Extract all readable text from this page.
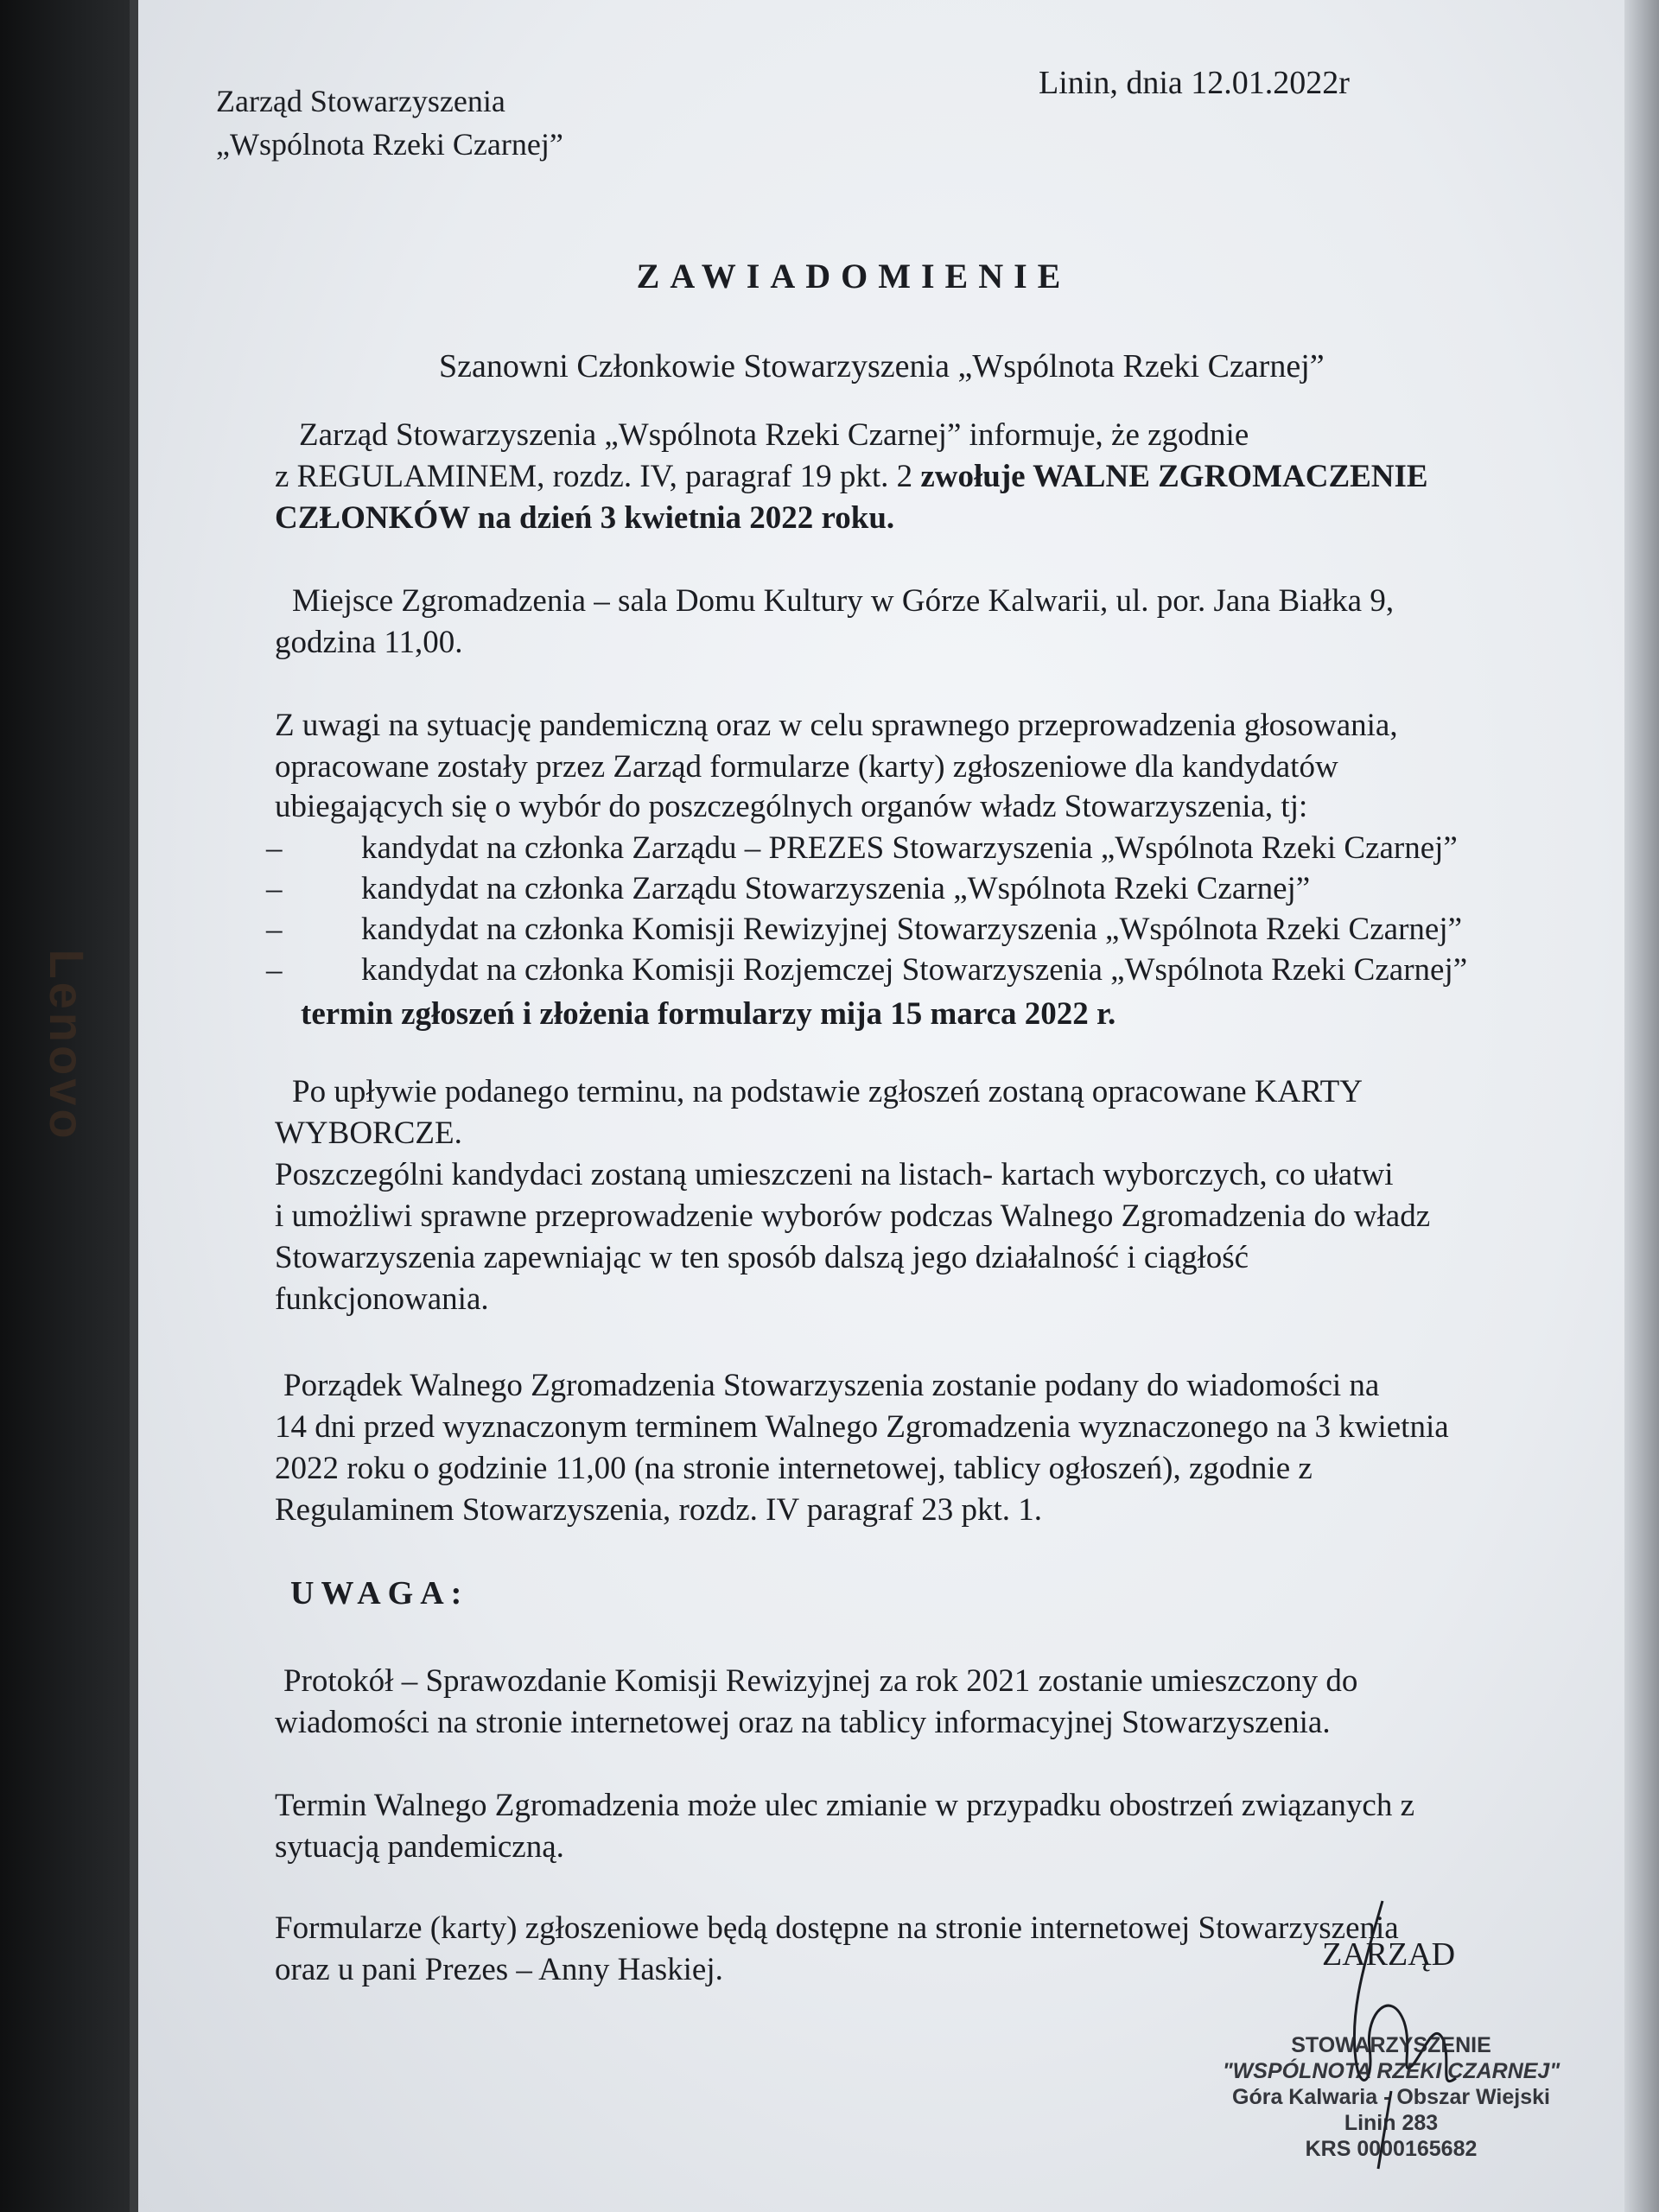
Lenovo
Zarząd Stowarzyszenia
„Wspólnota Rzeki Czarnej”
Linin, dnia 12.01.2022r
ZAWIADOMIENIE
Szanowni Członkowie Stowarzyszenia „Wspólnota Rzeki Czarnej”

Zarząd Stowarzyszenia „Wspólnota Rzeki Czarnej” informuje, że zgodnie

z REGULAMINEM, rozdz. IV, paragraf 19 pkt. 2 zwołuje WALNE ZGROMACZENIE

CZŁONKÓW na dzień 3 kwietnia 2022 roku.

Miejsce Zgromadzenia – sala Domu Kultury w Górze Kalwarii, ul. por. Jana Białka 9,

godzina 11,00.

Z uwagi na sytuację pandemiczną oraz w celu sprawnego przeprowadzenia głosowania,

opracowane zostały przez Zarząd formularze (karty) zgłoszeniowe dla kandydatów

ubiegających się o wybór do poszczególnych organów władz Stowarzyszenia, tj:

–	kandydat na członka Zarządu – PREZES Stowarzyszenia „Wspólnota Rzeki Czarnej”
–	kandydat na członka Zarządu Stowarzyszenia „Wspólnota Rzeki Czarnej”
–	kandydat na członka Komisji Rewizyjnej Stowarzyszenia „Wspólnota Rzeki Czarnej”
–	kandydat na członka Komisji Rozjemczej Stowarzyszenia „Wspólnota Rzeki Czarnej”
termin zgłoszeń i złożenia formularzy mija 15 marca 2022 r.

Po upływie podanego terminu, na podstawie zgłoszeń zostaną opracowane KARTY

WYBORCZE.

Poszczególni kandydaci zostaną umieszczeni na listach- kartach wyborczych, co ułatwi

i umożliwi sprawne przeprowadzenie wyborów podczas Walnego Zgromadzenia do władz

Stowarzyszenia zapewniając w ten sposób dalszą jego działalność i ciągłość

funkcjonowania.

Porządek Walnego Zgromadzenia Stowarzyszenia zostanie podany do wiadomości na

14 dni przed wyznaczonym terminem Walnego Zgromadzenia wyznaczonego na 3 kwietnia

2022 roku o godzinie 11,00 (na stronie internetowej, tablicy ogłoszeń), zgodnie z

Regulaminem Stowarzyszenia, rozdz. IV paragraf 23 pkt. 1.

UWAGA:

Protokół – Sprawozdanie Komisji Rewizyjnej za rok 2021 zostanie umieszczony do

wiadomości na stronie internetowej oraz na tablicy informacyjnej Stowarzyszenia.

Termin Walnego Zgromadzenia może ulec zmianie w przypadku obostrzeń związanych z

sytuacją pandemiczną.

Formularze (karty) zgłoszeniowe będą dostępne na stronie internetowej Stowarzyszenia

oraz u pani Prezes – Anny Haskiej.	ZARZĄD
STOWARZYSZENIE
"WSPÓLNOTA RZEKI CZARNEJ"
Góra Kalwaria - Obszar Wiejski
Linin 283
KRS 0000165682
